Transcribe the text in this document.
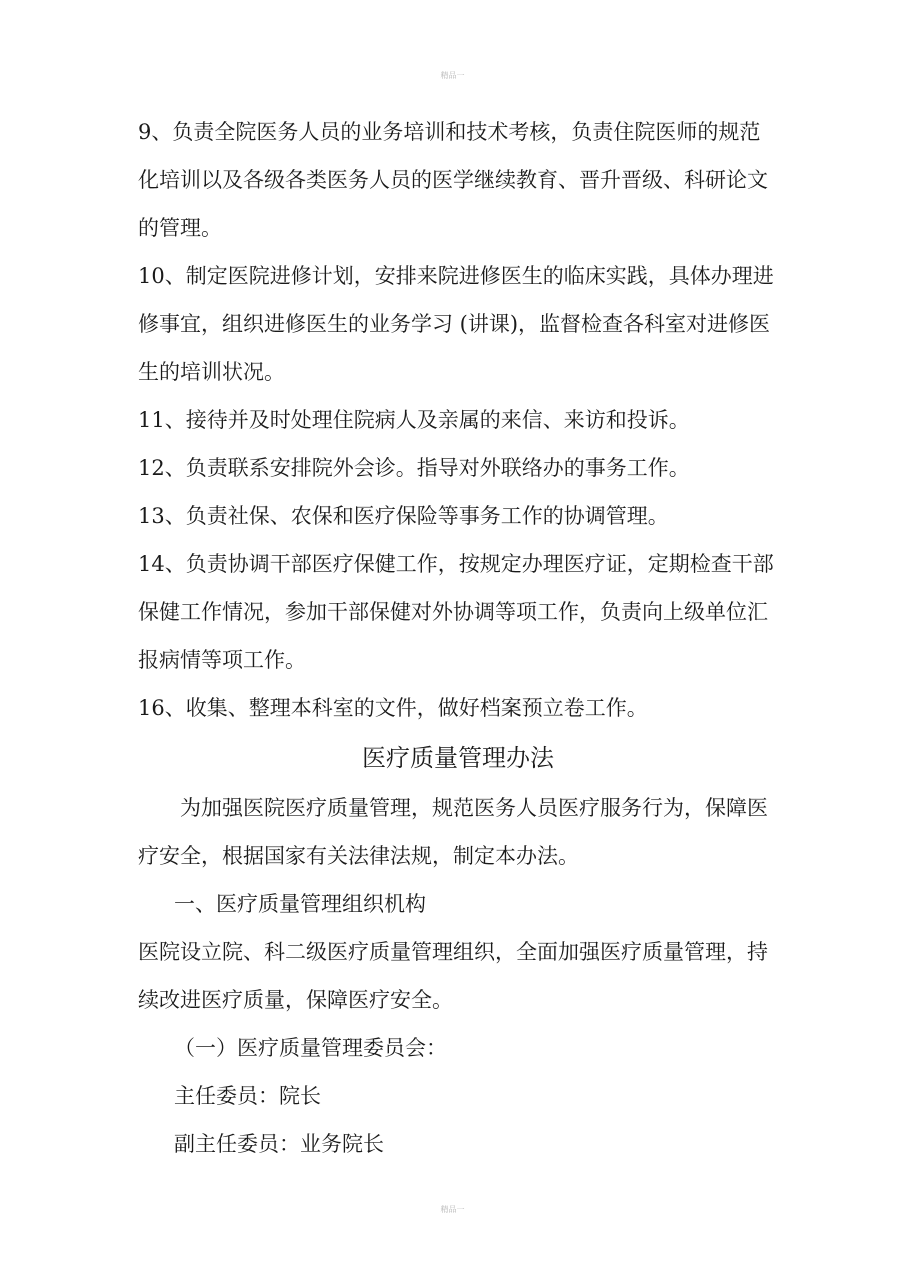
精品一
9、负责全院医务人员的业务培训和技术考核，负责住院医师的规范
化培训以及各级各类医务人员的医学继续教育、晋升晋级、科研论文
的管理。
10、制定医院进修计划，安排来院进修医生的临床实践，具体办理进
修事宜，组织进修医生的业务学习 (讲课)，监督检查各科室对进修医
生的培训状况。
11、接待并及时处理住院病人及亲属的来信、来访和投诉。
12、负责联系安排院外会诊。指导对外联络办的事务工作。
13、负责社保、农保和医疗保险等事务工作的协调管理。
14、负责协调干部医疗保健工作，按规定办理医疗证，定期检查干部
保健工作情况，参加干部保健对外协调等项工作，负责向上级单位汇
报病情等项工作。
16、收集、整理本科室的文件，做好档案预立卷工作。
医疗质量管理办法
为加强医院医疗质量管理，规范医务人员医疗服务行为，保障医
疗安全，根据国家有关法律法规，制定本办法。
一、医疗质量管理组织机构
医院设立院、科二级医疗质量管理组织，全面加强医疗质量管理，持
续改进医疗质量，保障医疗安全。
（一）医疗质量管理委员会：
主任委员：院长
副主任委员：业务院长
精品一
